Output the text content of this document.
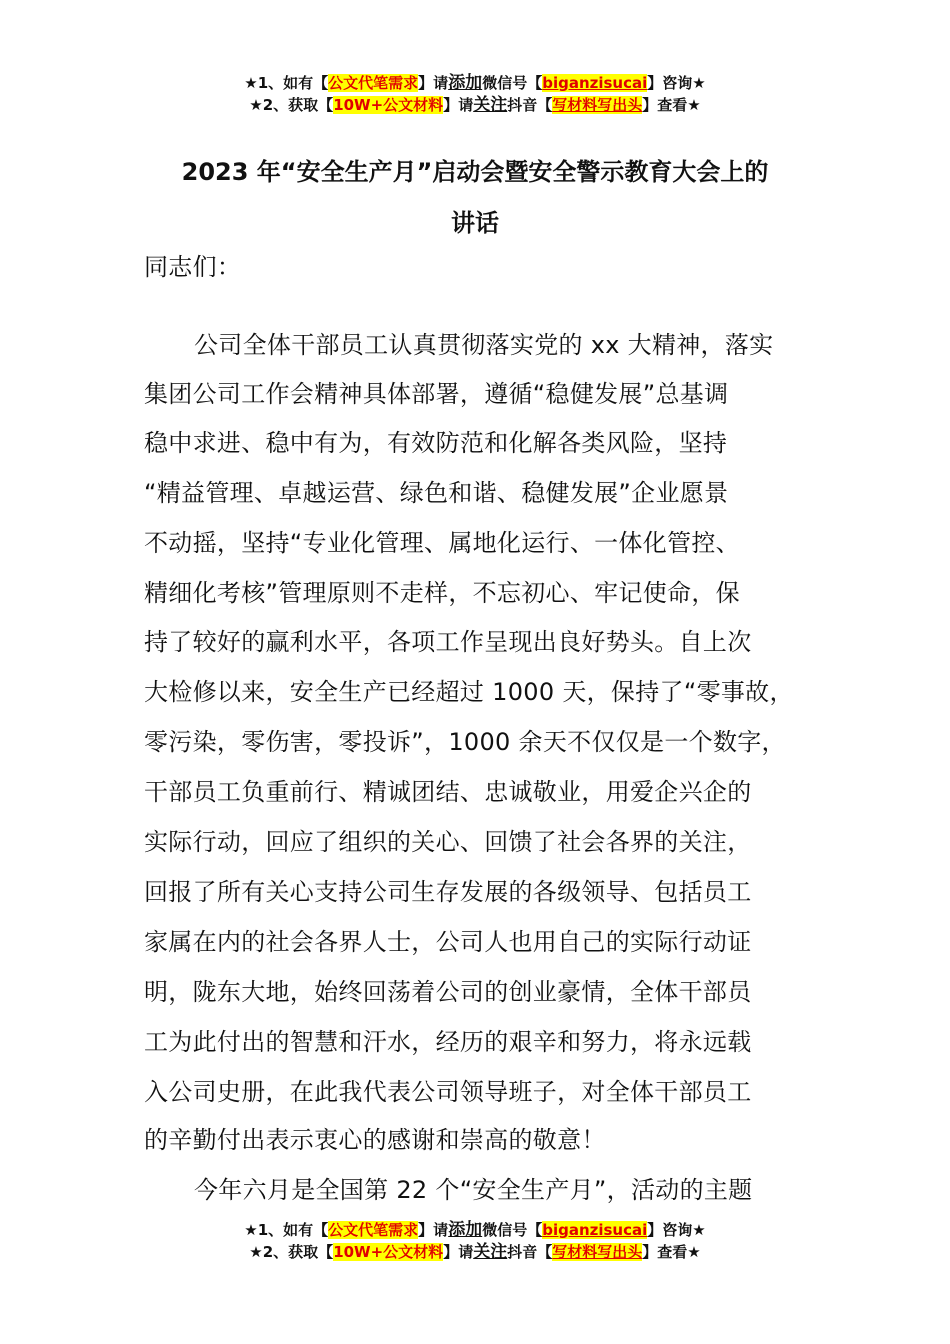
★1、如有【公文代笔需求】请添加微信号【biganzisucai】咨询★
★2、获取【10W+公文材料】请关注抖音【写材料写出头】查看★
2023 年“安全生产月”启动会暨安全警示教育大会上的
讲话
同志们：
公司全体干部员工认真贯彻落实党的 xx 大精神，落实
集团公司工作会精神具体部署，遵循“稳健发展”总基调
稳中求进、稳中有为，有效防范和化解各类风险，坚持
“精益管理、卓越运营、绿色和谐、稳健发展”企业愿景
不动摇，坚持“专业化管理、属地化运行、一体化管控、
精细化考核”管理原则不走样，不忘初心、牢记使命，保
持了较好的赢利水平，各项工作呈现出良好势头。自上次
大检修以来，安全生产已经超过 1000 天，保持了“零事故，
零污染，零伤害，零投诉”，1000 余天不仅仅是一个数字，
干部员工负重前行、精诚团结、忠诚敬业，用爱企兴企的
实际行动，回应了组织的关心、回馈了社会各界的关注，
回报了所有关心支持公司生存发展的各级领导、包括员工
家属在内的社会各界人士，公司人也用自己的实际行动证
明，陇东大地，始终回荡着公司的创业豪情，全体干部员
工为此付出的智慧和汗水，经历的艰辛和努力，将永远载
入公司史册，在此我代表公司领导班子，对全体干部员工
的辛勤付出表示衷心的感谢和崇高的敬意！
今年六月是全国第 22 个“安全生产月”，活动的主题
★1、如有【公文代笔需求】请添加微信号【biganzisucai】咨询★
★2、获取【10W+公文材料】请关注抖音【写材料写出头】查看★
